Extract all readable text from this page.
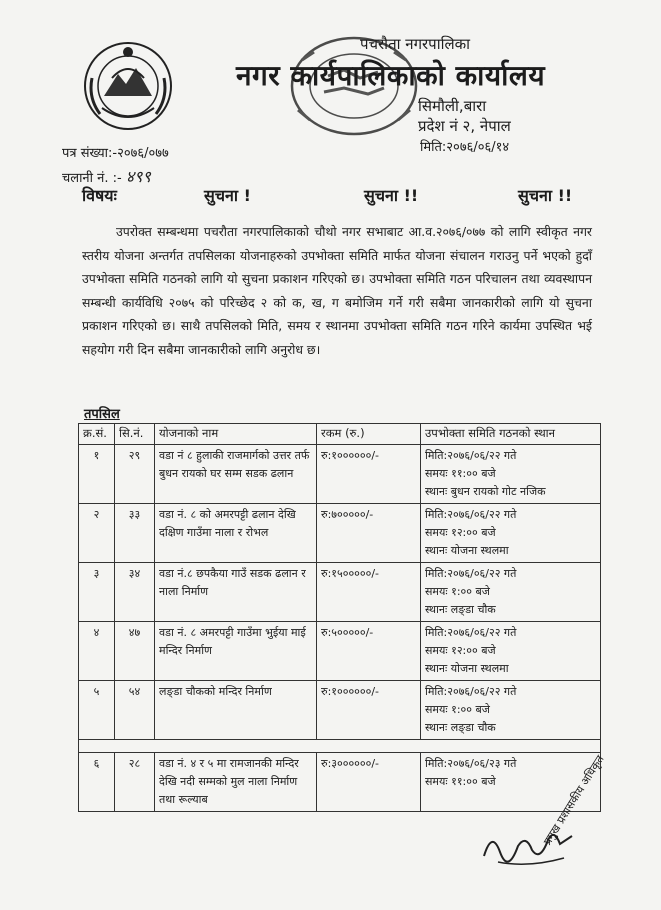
पचरौता नगरपालिका
नगर कार्यपालिकाको कार्यालय
सिमौली,बारा
प्रदेश नं २, नेपाल
मिति:२०७६/०६/१४
पत्र संख्या:-२०७६/०७७
चलानी नं. :- ४९९
विषयः	सुचना !	सुचना !!	सुचना !!
उपरोक्त सम्बन्धमा पचरौता नगरपालिकाको चौथो नगर सभाबाट आ.व.२०७६/०७७ को लागि स्वीकृत नगर स्तरीय योजना अन्तर्गत तपसिलका योजनाहरुको उपभोक्ता समिति मार्फत योजना संचालन गराउनु पर्ने भएको हुदाँ उपभोक्ता समिति गठनको लागि यो सुचना प्रकाशन गरिएको छ। उपभोक्ता समिति गठन परिचालन तथा व्यवस्थापन सम्बन्धी कार्यविधि २०७५ को परिच्छेद २ को क, ख, ग बमोजिम गर्ने गरी सबैमा जानकारीको लागि यो सुचना प्रकाशन गरिएको छ। साथै तपसिलको मिति, समय र स्थानमा उपभोक्ता समिति गठन गरिने कार्यमा उपस्थित भई सहयोग गरी दिन सबैमा जानकारीको लागि अनुरोध छ।
तपसिल
क्र.सं.	सि.नं.	योजनाको नाम	रकम (रु.)	उपभोक्ता समिति गठनको स्थान
१	२९	वडा नं ८ हुलाकी राजमार्गको उत्तर तर्फ बुधन रायको घर सम्म सडक ढलान	रु:१००००००/-	मिति:२०७६/०६/२२ गते
समयः ११:०० बजे
स्थानः बुधन रायको गोट नजिक

२	३३	वडा नं. ८ को अमरपट्टी ढलान देखि दक्षिण गाउँमा नाला र रोभल	रु:७०००००/-	मिति:२०७६/०६/२२ गते
समयः १२:०० बजे
स्थानः योजना स्थलमा

३	३४	वडा नं.८ छपकैया गाउँ सडक ढलान र नाला निर्माण	रु:१५०००००/-	मिति:२०७६/०६/२२ गते
समयः १:०० बजे
स्थानः लङ्डा चौक

४	४७	वडा नं. ८ अमरपट्टी गाउँमा भुईया माई मन्दिर निर्माण	रु:५०००००/-	मिति:२०७६/०६/२२ गते
समयः १२:०० बजे
स्थानः योजना स्थलमा

५	५४	लङ्डा चौकको मन्दिर निर्माण	रु:१००००००/-	मिति:२०७६/०६/२२ गते
समयः १:०० बजे
स्थानः लङ्डा चौक

६	२८	वडा नं. ४ र ५ मा रामजानकी मन्दिर देखि नदी सम्मको मुल नाला निर्माण तथा रूल्याब	रु:३००००००/-	मिति:२०७६/०६/२३ गते
समयः ११:०० बजे	प्रमुख प्रशासकीय अधिकृत
